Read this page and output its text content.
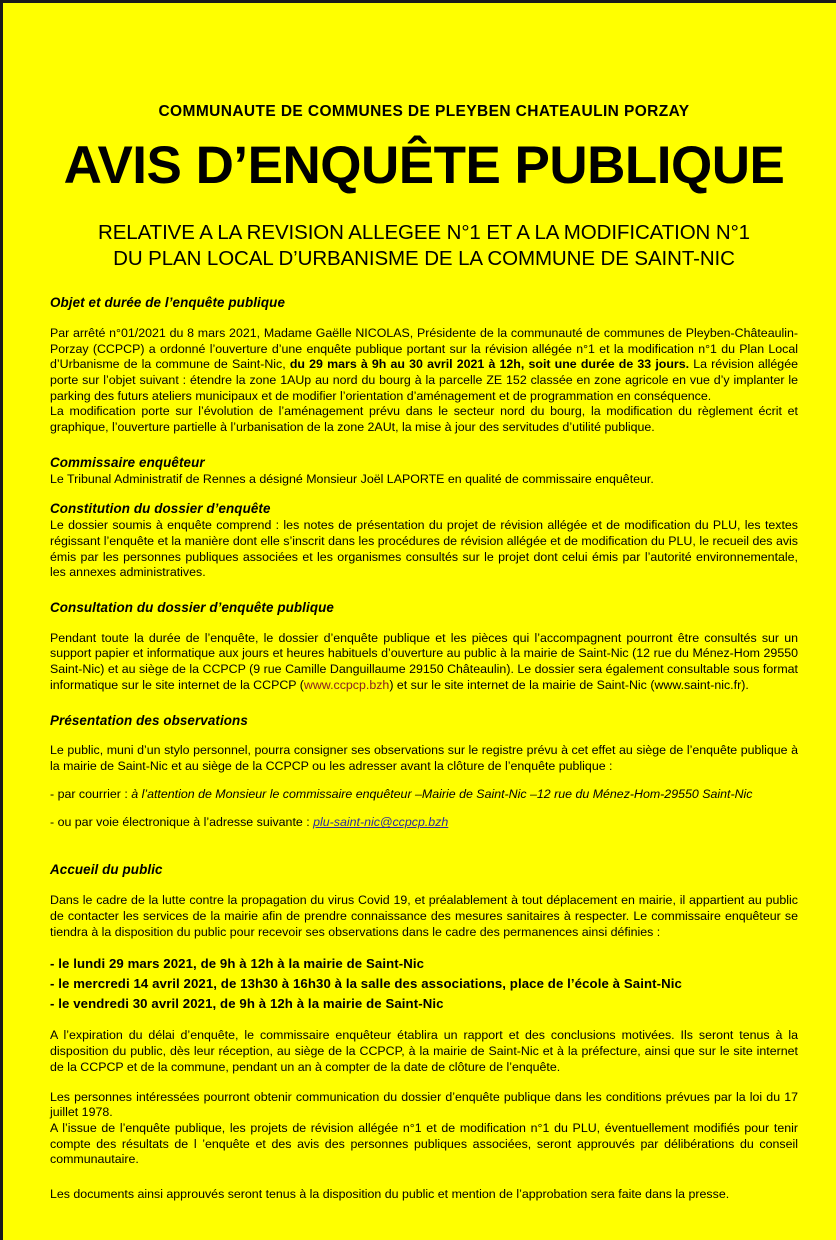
COMMUNAUTE DE COMMUNES DE PLEYBEN CHATEAULIN PORZAY
AVIS D’ENQUÊTE PUBLIQUE
RELATIVE A LA REVISION ALLEGEE N°1 ET A LA MODIFICATION N°1
DU PLAN LOCAL D’URBANISME DE LA COMMUNE DE SAINT-NIC
Objet et durée de l’enquête publique

Par arrêté n°01/2021 du 8 mars 2021, Madame Gaëlle NICOLAS, Présidente de la communauté de communes de Pleyben-Châteaulin-Porzay (CCPCP) a ordonné l’ouverture d’une enquête publique portant sur la révision allégée n°1 et la modification n°1 du Plan Local d’Urbanisme de la commune de Saint-Nic, du 29 mars à 9h au 30 avril 2021 à 12h, soit une durée de 33 jours. La révision allégée porte sur l’objet suivant : étendre la zone 1AUp au nord du bourg à la parcelle ZE 152 classée en zone agricole en vue d’y implanter le parking des futurs ateliers municipaux et de modifier l’orientation d’aménagement et de programmation en conséquence.

La modification porte sur l’évolution de l’aménagement prévu dans le secteur nord du bourg, la modification du règlement écrit et graphique, l’ouverture partielle à l’urbanisation de la zone 2AUt, la mise à jour des servitudes d’utilité publique.

Commissaire enquêteur

Le Tribunal Administratif de Rennes a désigné Monsieur Joël LAPORTE en qualité de commissaire enquêteur.

Constitution du dossier d’enquête

Le dossier soumis à enquête comprend : les notes de présentation du projet de révision allégée et de modification du PLU, les textes régissant l’enquête et la manière dont elle s’inscrit dans les procédures de révision allégée et de modification du PLU, le recueil des avis émis par les personnes publiques associées et les organismes consultés sur le projet dont celui émis par l’autorité environnementale, les annexes administratives.

Consultation du dossier d’enquête publique

Pendant toute la durée de l’enquête, le dossier d’enquête publique et les pièces qui l’accompagnent pourront être consultés sur un support papier et informatique aux jours et heures habituels d’ouverture au public à la mairie de Saint-Nic (12 rue du Ménez-Hom 29550 Saint-Nic) et au siège de la CCPCP (9 rue Camille Danguillaume 29150 Châteaulin). Le dossier sera également consultable sous format informatique sur le site internet de la CCPCP (www.ccpcp.bzh) et sur le site internet de la mairie de Saint-Nic (www.saint-nic.fr).

Présentation des observations

Le public, muni d’un stylo personnel, pourra consigner ses observations sur le registre prévu à cet effet au siège de l’enquête publique à la mairie de Saint-Nic et au siège de la CCPCP ou les adresser avant la clôture de l’enquête publique :

- par courrier : à l’attention de Monsieur le commissaire enquêteur –Mairie de Saint-Nic –12 rue du Ménez-Hom-29550 Saint-Nic

- ou par voie électronique à l’adresse suivante : plu-saint-nic@ccpcp.bzh

Accueil du public

Dans le cadre de la lutte contre la propagation du virus Covid 19, et préalablement à tout déplacement en mairie, il appartient au public de contacter les services de la mairie afin de prendre connaissance des mesures sanitaires à respecter. Le commissaire enquêteur se tiendra à la disposition du public pour recevoir ses observations dans le cadre des permanences ainsi définies :

- le lundi 29 mars 2021, de 9h à 12h à la mairie de Saint-Nic
- le mercredi 14 avril 2021, de 13h30 à 16h30 à la salle des associations, place de l’école à Saint-Nic
- le vendredi 30 avril 2021, de 9h à 12h à la mairie de Saint-Nic

A l’expiration du délai d’enquête, le commissaire enquêteur établira un rapport et des conclusions motivées. Ils seront tenus à la disposition du public, dès leur réception, au siège de la CCPCP, à la mairie de Saint-Nic et à la préfecture, ainsi que sur le site internet de la CCPCP et de la commune, pendant un an à compter de la date de clôture de l’enquête.

Les personnes intéressées pourront obtenir communication du dossier d’enquête publique dans les conditions prévues par la loi du 17 juillet 1978.

A l’issue de l’enquête publique, les projets de révision allégée n°1 et de modification n°1 du PLU, éventuellement modifiés pour tenir compte des résultats de l ’enquête et des avis des personnes publiques associées, seront approuvés par délibérations du conseil communautaire.

Les documents ainsi approuvés seront tenus à la disposition du public et mention de l’approbation sera faite dans la presse.
